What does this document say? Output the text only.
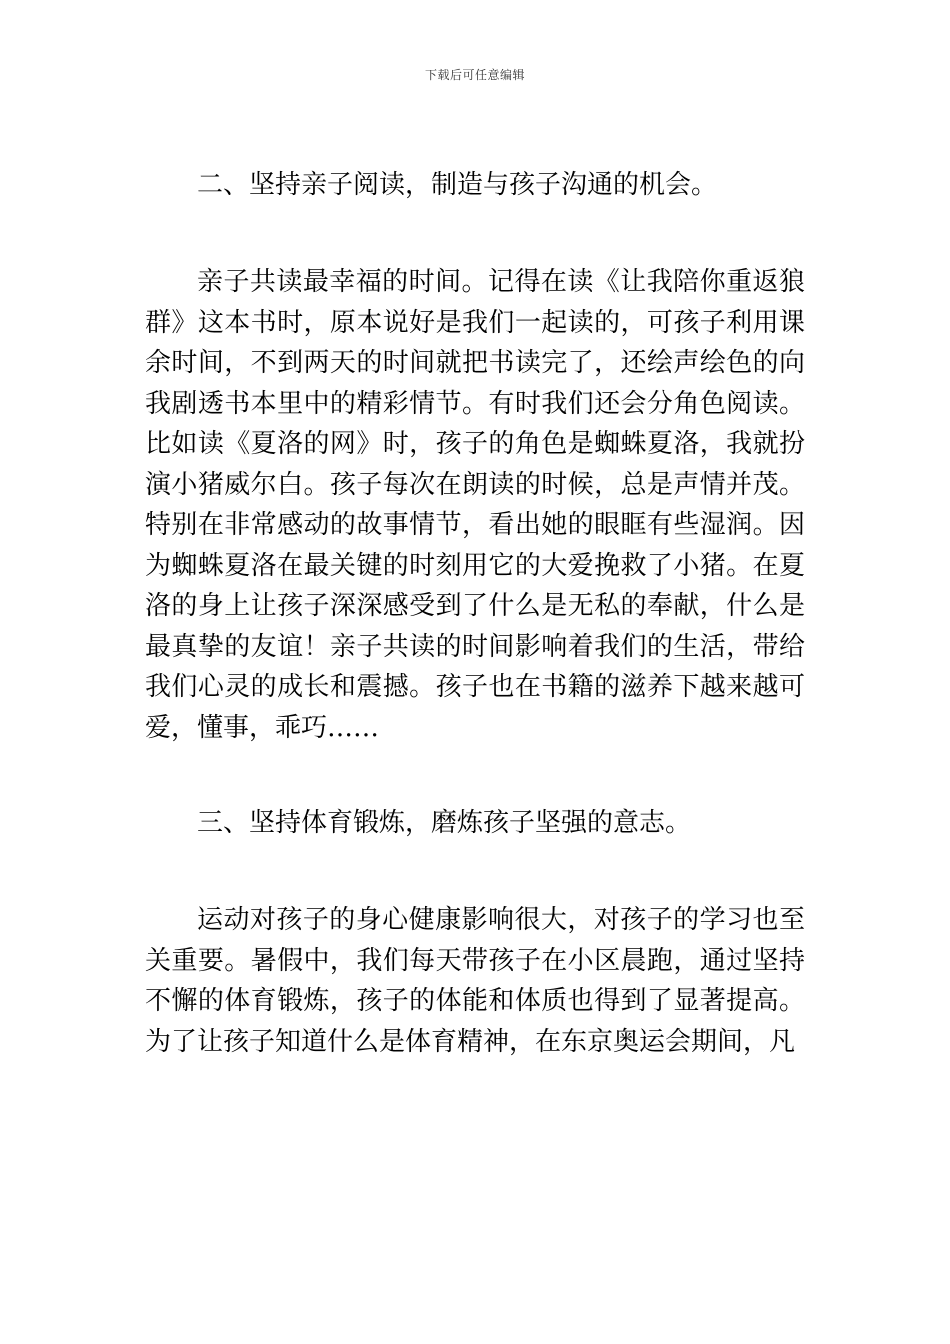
下载后可任意编辑

二、坚持亲子阅读，制造与孩子沟通的机会。

亲子共读最幸福的时间。记得在读《让我陪你重返狼群》这本书时，原本说好是我们一起读的，可孩子利用课余时间，不到两天的时间就把书读完了，还绘声绘色的向我剧透书本里中的精彩情节。有时我们还会分角色阅读。比如读《夏洛的网》时，孩子的角色是蜘蛛夏洛，我就扮演小猪威尔白。孩子每次在朗读的时候，总是声情并茂。特别在非常感动的故事情节，看出她的眼眶有些湿润。因为蜘蛛夏洛在最关键的时刻用它的大爱挽救了小猪。在夏洛的身上让孩子深深感受到了什么是无私的奉献，什么是最真挚的友谊！亲子共读的时间影响着我们的生活，带给我们心灵的成长和震撼。孩子也在书籍的滋养下越来越可爱，懂事，乖巧……

三、坚持体育锻炼，磨炼孩子坚强的意志。

运动对孩子的身心健康影响很大，对孩子的学习也至关重要。暑假中，我们每天带孩子在小区晨跑，通过坚持不懈的体育锻炼，孩子的体能和体质也得到了显著提高。为了让孩子知道什么是体育精神，在东京奥运会期间，凡
